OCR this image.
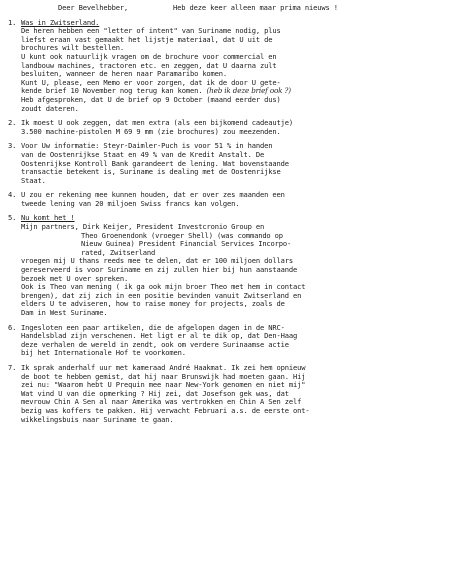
Deer Bevelhebber,	Heb deze keer alleen maar prima nieuws !
1. Was in Zwitserland.
De heren hebben een "letter of intent" van Suriname nodig, plus
liefst eraan vast gemaakt het lijstje materiaal, dat U uit de
brochures wilt bestellen.
U kunt ook natuurlijk vragen om de brochure voor commercial en
landbouw machines, tractoren etc. en zeggen, dat U daarna zult
besluiten, wanneer de heren naar Paramaribo komen.
Kunt U, please, een Memo er voor zorgen, dat ik de door U gete-
kende brief 10 November nog terug kan komen. (heb ik deze brief ook ?)
Heb afgesproken, dat U de brief op 9 October (maand eerder dus)
zoudt dateren.
2. Ik moest U ook zeggen, dat men extra (als een bijkomend cadeautje)
3.500 machine-pistolen M 69 9 mm (zie brochures) zou meezenden.
3. Voor Uw informatie: Steyr-Daimler-Puch is voor 51 % in handen
van de Oostenrijkse Staat en 49 % van de Kredit Anstalt. De
Oostenrijkse Kontroll Bank garandeert de lening. Wat bovenstaande
transactie betekent is, Suriname is dealing met de Oostenrijkse
Staat.
4. U zou er rekening mee kunnen houden, dat er over zes maanden een
tweede lening van 20 miljoen Swiss francs kan volgen.
5. Nu komt het !
Mijn partners, Dirk Keijer, President Investcronio Group en
Theo Groenendonk (vroeger Shell) (was commando op
Nieuw Guinea) President Financial Services Incorpo-
rated, Zwitserland
vroegen mij U thans reeds mee te delen, dat er 100 miljoen dollars
gereserveerd is voor Suriname en zij zullen hier bij hun aanstaande
bezoek met U over spreken.
Ook is Theo van mening ( ik ga ook mijn broer Theo met hem in contact
brengen), dat zij zich in een positie bevinden vanuit Zwitserland en
elders U te adviseren, how to raise money for projects, zoals de
Dam in West Suriname.
6. Ingesloten een paar artikelen, die de afgelopen dagen in de NRC-
Handelsblad zijn verschenen. Het ligt er al te dik op, dat Den-Haag
deze verhalen de wereld in zendt, ook om verdere Surinaamse actie
bij het Internationale Hof te voorkomen.
7. Ik sprak anderhalf uur met kameraad André Haakmat. Ik zei hem opnieuw
de boot te hebben gemist, dat hij naar Brunswijk had moeten gaan. Hij
zei nu: "Waarom hebt U Prequin mee naar New-York genomen en niet mij"
Wat vind U van die opmerking ? Hij zei, dat Josefson gek was, dat
mevrouw Chin A Sen al naar Amerika was vertrokken en Chin A Sen zelf
bezig was koffers te pakken. Hij verwacht Februari a.s. de eerste ont-
wikkelingsbuis naar Suriname te gaan.
